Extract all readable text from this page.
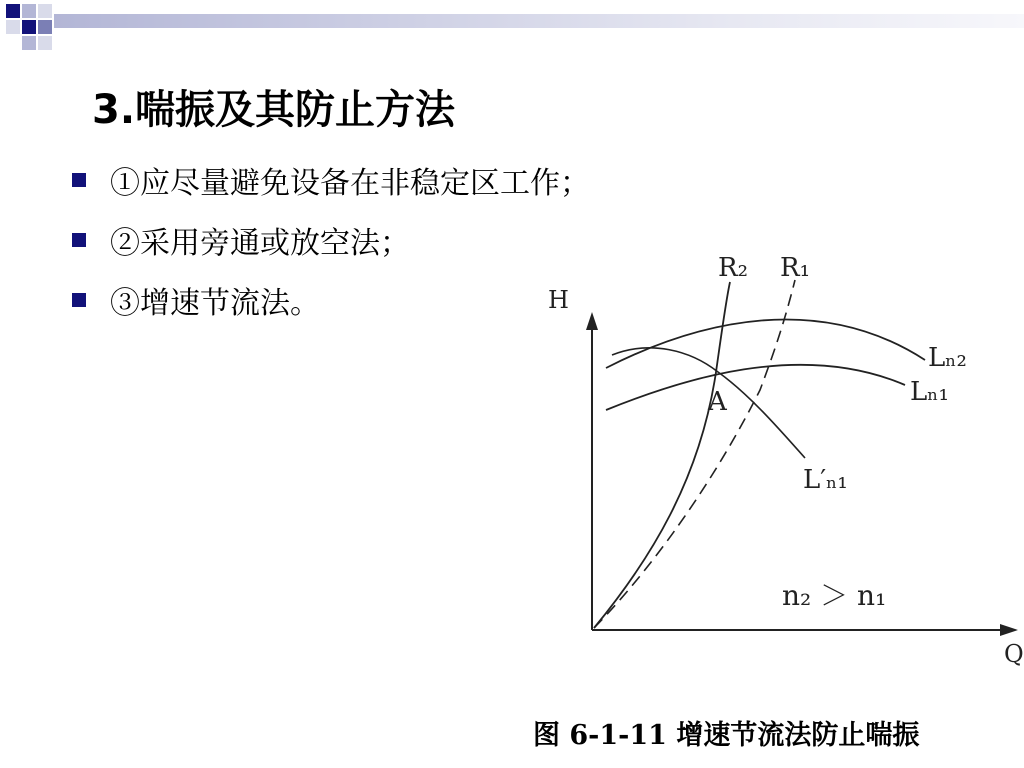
3.喘振及其防止方法
①应尽量避免设备在非稳定区工作；
②采用旁通或放空法；
③增速节流法。	H
Q
R₂ R₁
Lₙ₂
Lₙ₁
L′ₙ₁
A
n₂ ＞ n₁
图 6-1-11 增速节流法防止喘振
